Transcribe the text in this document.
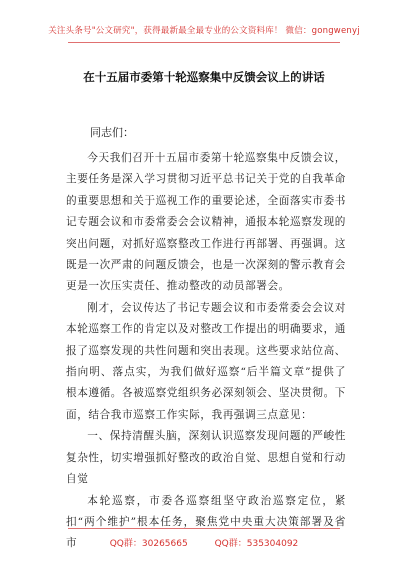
关注头条号"公文研究"，获得最新最全最专业的公文资料库！ 微信：gongwenyj
在十五届市委第十轮巡察集中反馈会议上的讲话
同志们：

今天我们召开十五届市委第十轮巡察集中反馈会议，主要任务是深入学习贯彻习近平总书记关于党的自我革命的重要思想和关于巡视工作的重要论述，全面落实市委书记专题会议和市委常委会会议精神，通报本轮巡察发现的突出问题，对抓好巡察整改工作进行再部署、再强调。这既是一次严肃的问题反馈会，也是一次深刻的警示教育会更是一次压实责任、推动整改的动员部署会。

刚才，会议传达了书记专题会议和市委常委会会议对本轮巡察工作的肯定以及对整改工作提出的明确要求，通报了巡察发现的共性问题和突出表现。这些要求站位高、指向明、落点实，为我们做好巡察“后半篇文章”提供了根本遵循。各被巡察党组织务必深刻领会、坚决贯彻。下面，结合我市巡察工作实际，我再强调三点意见：

一、保持清醒头脑，深刻认识巡察发现问题的严峻性复杂性，切实增强抓好整改的政治自觉、思想自觉和行动自觉

本轮巡察，市委各巡察组坚守政治巡察定位，紧扣“两个维护”根本任务，聚焦党中央重大决策部署及省市	QQ群：30265665	QQ群：535304092
